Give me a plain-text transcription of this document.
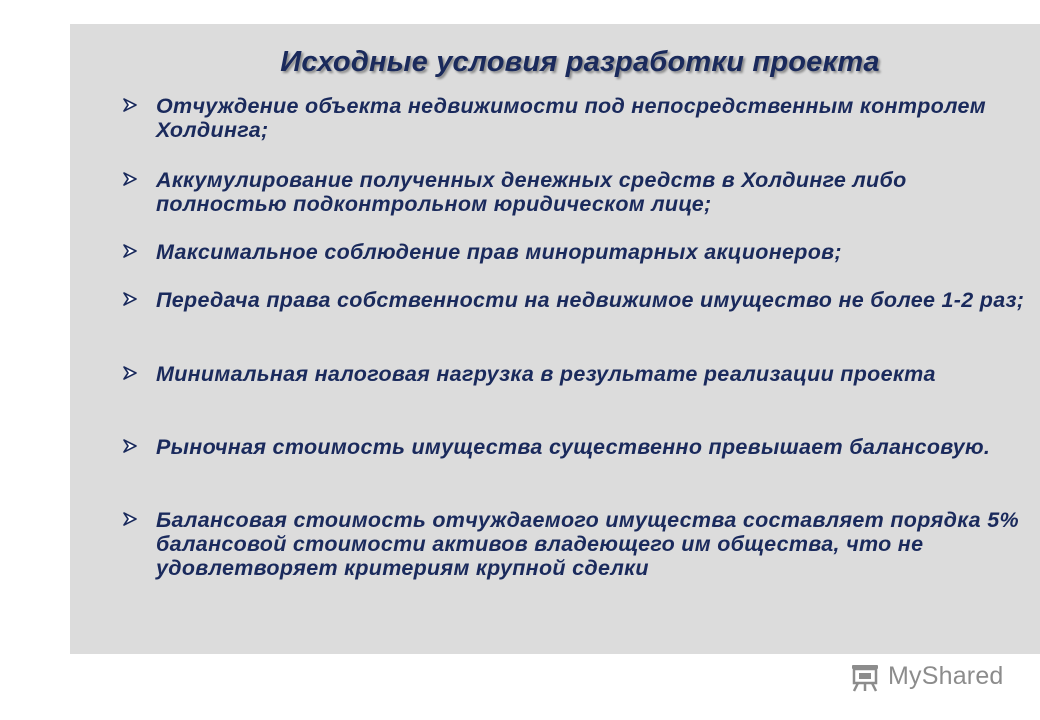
Исходные условия разработки проекта
Отчуждение объекта недвижимости под непосредственным контролем Холдинга;
Аккумулирование полученных денежных средств в Холдинге либо полностью подконтрольном юридическом лице;
Максимальное соблюдение прав миноритарных акционеров;
Передача права собственности на недвижимое имущество не более 1-2 раз;
Минимальная налоговая нагрузка в результате реализации проекта
Рыночная стоимость имущества существенно превышает балансовую.
Балансовая стоимость отчуждаемого имущества составляет порядка 5% балансовой стоимости активов владеющего им общества, что не удовлетворяет критериям крупной сделки
MyShared
